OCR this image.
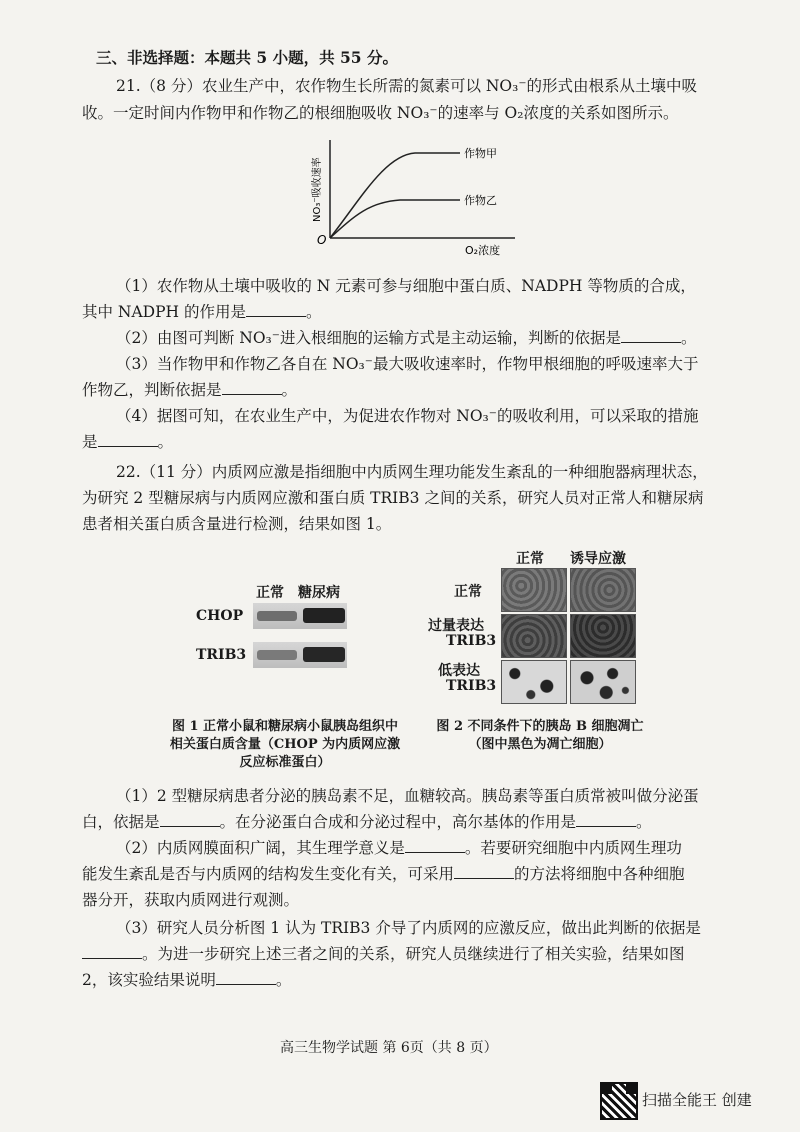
三、非选择题：本题共 5 小题，共 55 分。
21.（8 分）农业生产中，农作物生长所需的氮素可以 NO₃⁻的形式由根系从土壤中吸
收。一定时间内作物甲和作物乙的根细胞吸收 NO₃⁻的速率与 O₂浓度的关系如图所示。
O
作物甲
作物乙
O₂浓度
NO₃⁻吸收速率
（1）农作物从土壤中吸收的 N 元素可参与细胞中蛋白质、NADPH 等物质的合成，
其中 NADPH 的作用是	。
（2）由图可判断 NO₃⁻进入根细胞的运输方式是主动运输，判断的依据是	。
（3）当作物甲和作物乙各自在 NO₃⁻最大吸收速率时，作物甲根细胞的呼吸速率大于
作物乙，判断依据是	。
（4）据图可知，在农业生产中，为促进农作物对 NO₃⁻的吸收利用，可以采取的措施
是	。
22.（11 分）内质网应激是指细胞中内质网生理功能发生紊乱的一种细胞器病理状态，
为研究 2 型糖尿病与内质网应激和蛋白质 TRIB3 之间的关系，研究人员对正常人和糖尿病
患者相关蛋白质含量进行检测，结果如图 1。
正常 糖尿病
CHOP
TRIB3
图 1 正常小鼠和糖尿病小鼠胰岛组织中
相关蛋白质含量（CHOP 为内质网应激
反应标准蛋白）
正常 诱导应激
正常
过量表达
TRIB3
低表达
TRIB3
图 2 不同条件下的胰岛 B 细胞凋亡
（图中黑色为凋亡细胞）
（1）2 型糖尿病患者分泌的胰岛素不足，血糖较高。胰岛素等蛋白质常被叫做分泌蛋
白，依据是	。在分泌蛋白合成和分泌过程中，高尔基体的作用是	。
（2）内质网膜面积广阔，其生理学意义是	。若要研究细胞中内质网生理功
能发生紊乱是否与内质网的结构发生变化有关，可采用	的方法将细胞中各种细胞
器分开，获取内质网进行观测。
（3）研究人员分析图 1 认为 TRIB3 介导了内质网的应激反应，做出此判断的依据是
。为进一步研究上述三者之间的关系，研究人员继续进行了相关实验，结果如图
2，该实验结果说明	。
高三生物学试题 第 6页（共 8 页）
扫描全能王 创建
